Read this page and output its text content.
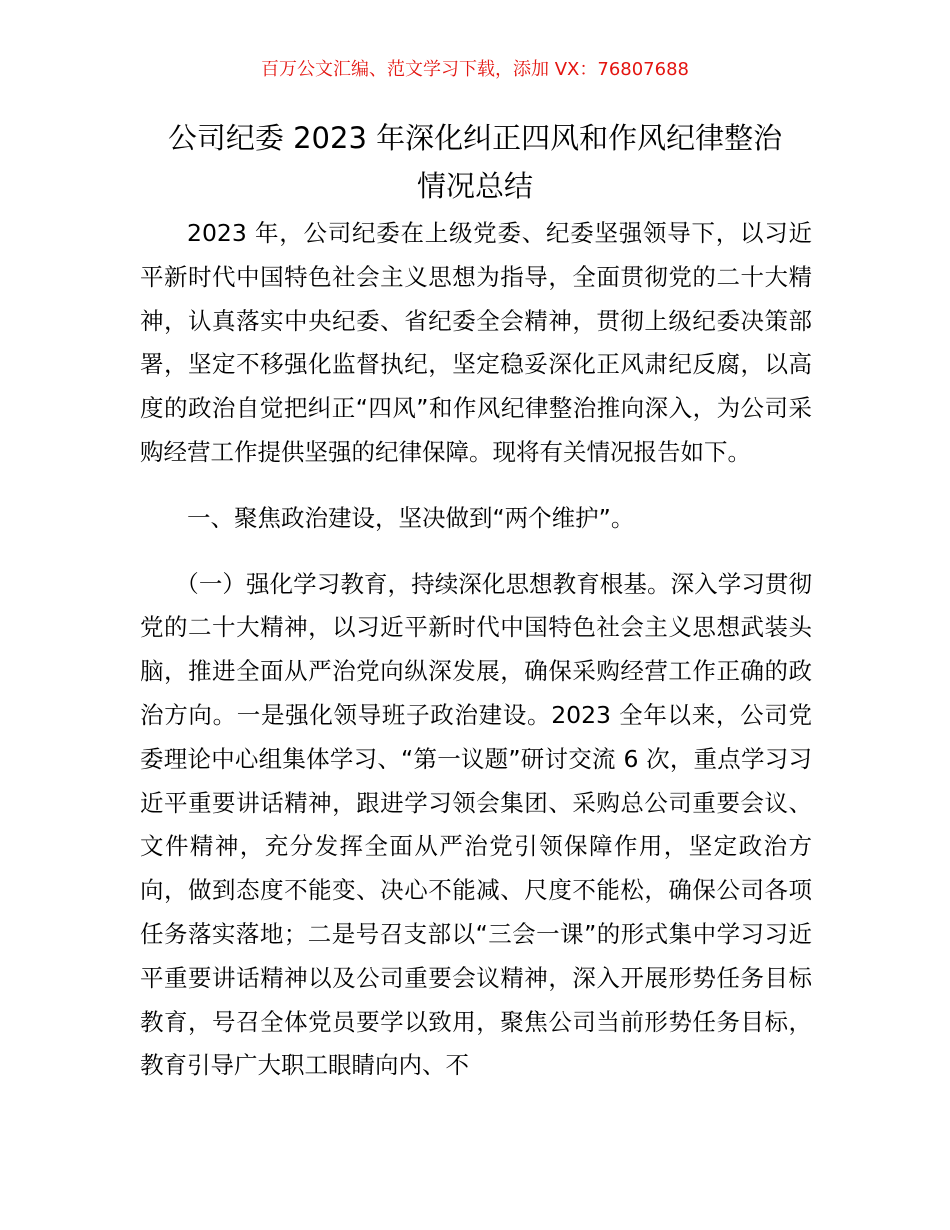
百万公文汇编、范文学习下载，添加 VX：76807688
公司纪委 2023 年深化纠正四风和作风纪律整治
情况总结

2023 年，公司纪委在上级党委、纪委坚强领导下，以习近平新时代中国特色社会主义思想为指导，全面贯彻党的二十大精神，认真落实中央纪委、省纪委全会精神，贯彻上级纪委决策部署，坚定不移强化监督执纪，坚定稳妥深化正风肃纪反腐，以高度的政治自觉把纠正“四风”和作风纪律整治推向深入，为公司采购经营工作提供坚强的纪律保障。现将有关情况报告如下。

一、聚焦政治建设，坚决做到“两个维护”。

（一）强化学习教育，持续深化思想教育根基。深入学习贯彻党的二十大精神，以习近平新时代中国特色社会主义思想武装头脑，推进全面从严治党向纵深发展，确保采购经营工作正确的政治方向。一是强化领导班子政治建设。2023 全年以来，公司党委理论中心组集体学习、“第一议题”研讨交流 6 次，重点学习习近平重要讲话精神，跟进学习领会集团、采购总公司重要会议、文件精神，充分发挥全面从严治党引领保障作用，坚定政治方向，做到态度不能变、决心不能减、尺度不能松，确保公司各项任务落实落地；二是号召支部以“三会一课”的形式集中学习习近平重要讲话精神以及公司重要会议精神，深入开展形势任务目标教育，号召全体党员要学以致用，聚焦公司当前形势任务目标，教育引导广大职工眼睛向内、不
